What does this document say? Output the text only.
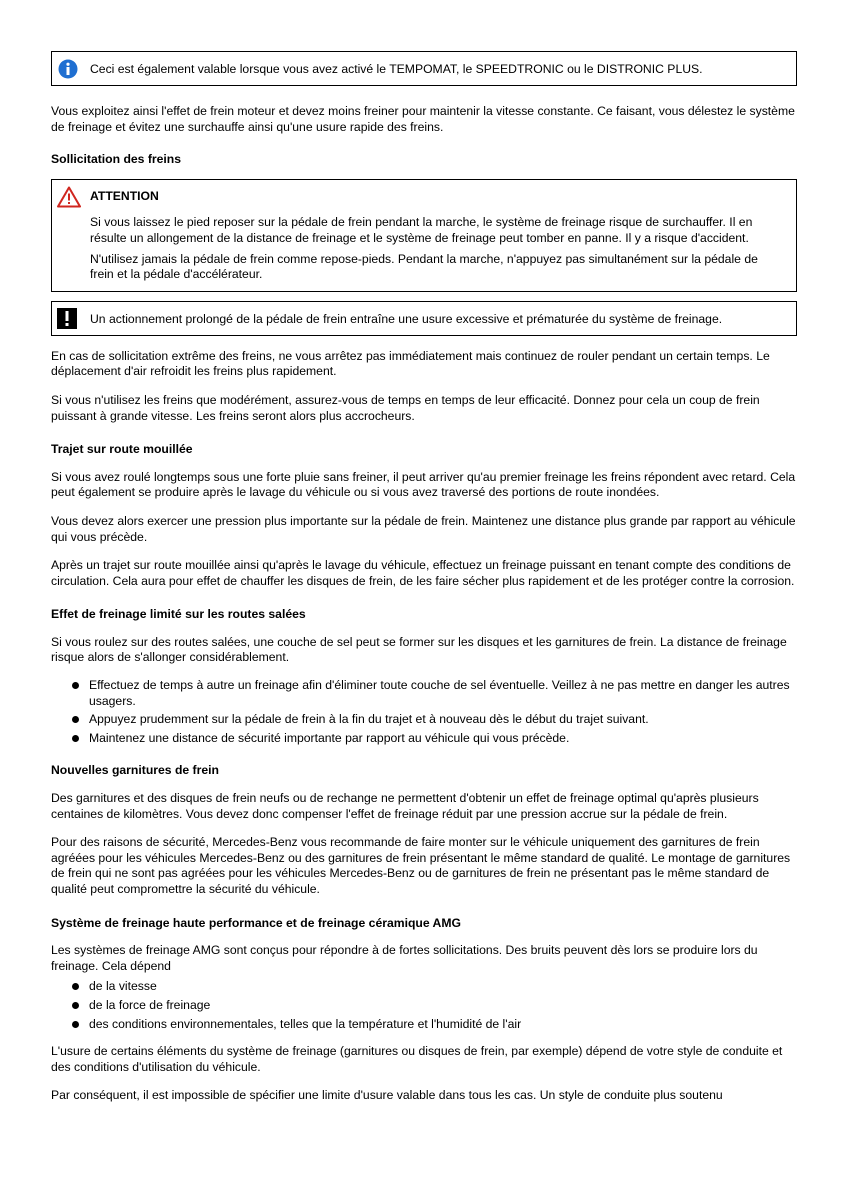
Ceci est également valable lorsque vous avez activé le TEMPOMAT, le SPEEDTRONIC ou le DISTRONIC PLUS.

Vous exploitez ainsi l'effet de frein moteur et devez moins freiner pour maintenir la vitesse constante. Ce faisant, vous délestez le système de freinage et évitez une surchauffe ainsi qu'une usure rapide des freins.

Sollicitation des freins
ATTENTION

Si vous laissez le pied reposer sur la pédale de frein pendant la marche, le système de freinage risque de surchauffer. Il en résulte un allongement de la distance de freinage et le système de freinage peut tomber en panne. Il y a risque d'accident.

N'utilisez jamais la pédale de frein comme repose-pieds. Pendant la marche, n'appuyez pas simultanément sur la pédale de frein et la pédale d'accélérateur.

Un actionnement prolongé de la pédale de frein entraîne une usure excessive et prématurée du système de freinage.

En cas de sollicitation extrême des freins, ne vous arrêtez pas immédiatement mais continuez de rouler pendant un certain temps. Le déplacement d'air refroidit les freins plus rapidement.

Si vous n'utilisez les freins que modérément, assurez-vous de temps en temps de leur efficacité. Donnez pour cela un coup de frein puissant à grande vitesse. Les freins seront alors plus accrocheurs.

Trajet sur route mouillée

Si vous avez roulé longtemps sous une forte pluie sans freiner, il peut arriver qu'au premier freinage les freins répondent avec retard. Cela peut également se produire après le lavage du véhicule ou si vous avez traversé des portions de route inondées.

Vous devez alors exercer une pression plus importante sur la pédale de frein. Maintenez une distance plus grande par rapport au véhicule qui vous précède.

Après un trajet sur route mouillée ainsi qu'après le lavage du véhicule, effectuez un freinage puissant en tenant compte des conditions de circulation. Cela aura pour effet de chauffer les disques de frein, de les faire sécher plus rapidement et de les protéger contre la corrosion.

Effet de freinage limité sur les routes salées

Si vous roulez sur des routes salées, une couche de sel peut se former sur les disques et les garnitures de frein. La distance de freinage risque alors de s'allonger considérablement.

Effectuez de temps à autre un freinage afin d'éliminer toute couche de sel éventuelle. Veillez à ne pas mettre en danger les autres usagers.
Appuyez prudemment sur la pédale de frein à la fin du trajet et à nouveau dès le début du trajet suivant.
Maintenez une distance de sécurité importante par rapport au véhicule qui vous précède.
Nouvelles garnitures de frein

Des garnitures et des disques de frein neufs ou de rechange ne permettent d'obtenir un effet de freinage optimal qu'après plusieurs centaines de kilomètres. Vous devez donc compenser l'effet de freinage réduit par une pression accrue sur la pédale de frein.

Pour des raisons de sécurité, Mercedes-Benz vous recommande de faire monter sur le véhicule uniquement des garnitures de frein agréées pour les véhicules Mercedes-Benz ou des garnitures de frein présentant le même standard de qualité. Le montage de garnitures de frein qui ne sont pas agréées pour les véhicules Mercedes-Benz ou de garnitures de frein ne présentant pas le même standard de qualité peut compromettre la sécurité du véhicule.

Système de freinage haute performance et de freinage céramique AMG

Les systèmes de freinage AMG sont conçus pour répondre à de fortes sollicitations. Des bruits peuvent dès lors se produire lors du freinage. Cela dépend

de la vitesse
de la force de freinage
des conditions environnementales, telles que la température et l'humidité de l'air

L'usure de certains éléments du système de freinage (garnitures ou disques de frein, par exemple) dépend de votre style de conduite et des conditions d'utilisation du véhicule.

Par conséquent, il est impossible de spécifier une limite d'usure valable dans tous les cas. Un style de conduite plus soutenu
